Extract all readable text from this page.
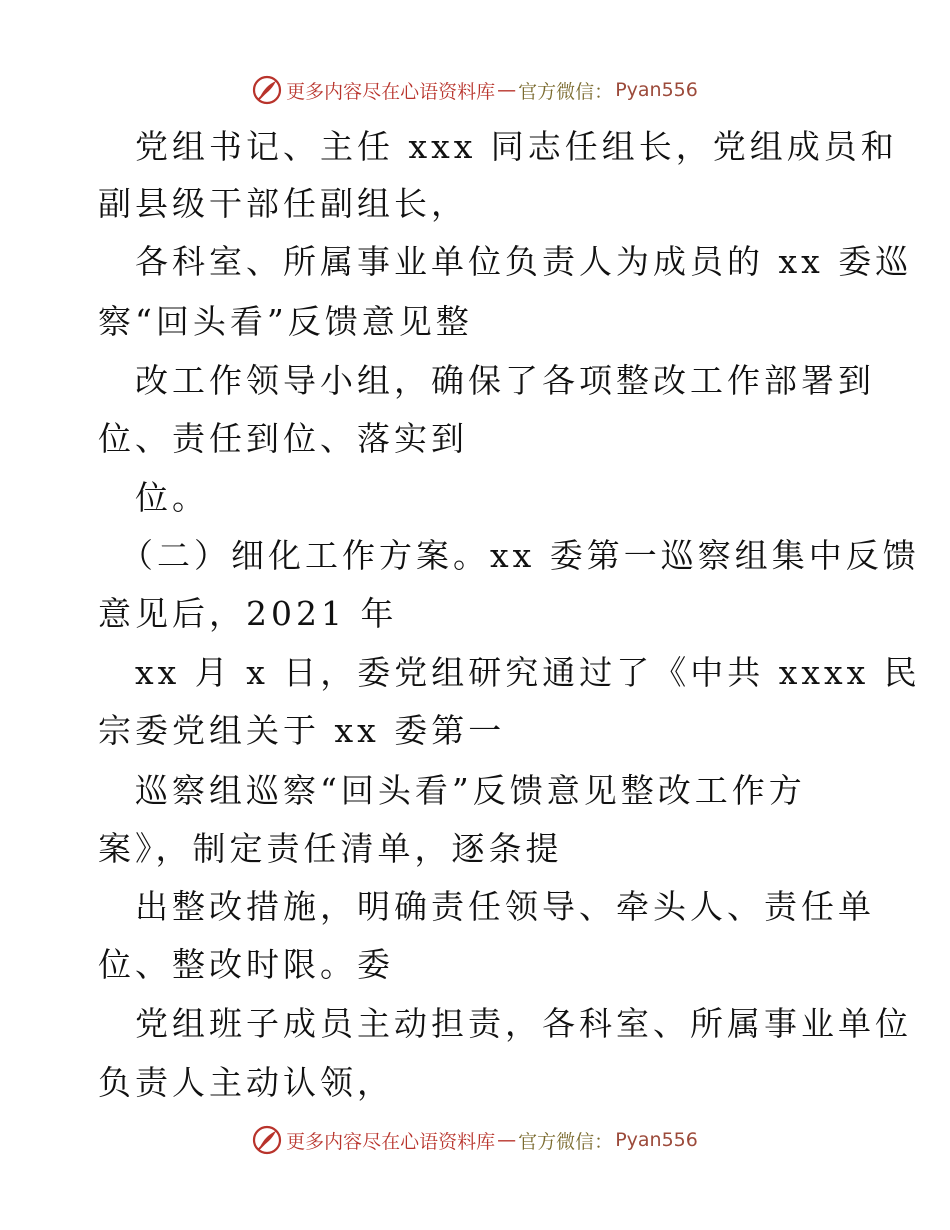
更多内容尽在心语资料库 — 官方微信： Pyan556
党组书记、主任 xxx 同志任组长，党组成员和
副县级干部任副组长，
各科室、所属事业单位负责人为成员的 xx 委巡
察“回头看”反馈意见整
改工作领导小组，确保了各项整改工作部署到
位、责任到位、落实到
位。
（二）细化工作方案。xx 委第一巡察组集中反馈
意见后，2021 年
xx 月 x 日，委党组研究通过了《中共 xxxx 民
宗委党组关于 xx 委第一
巡察组巡察“回头看”反馈意见整改工作方
案》，制定责任清单，逐条提
出整改措施，明确责任领导、牵头人、责任单
位、整改时限。委
党组班子成员主动担责，各科室、所属事业单位
负责人主动认领，
更多内容尽在心语资料库 — 官方微信： Pyan556
